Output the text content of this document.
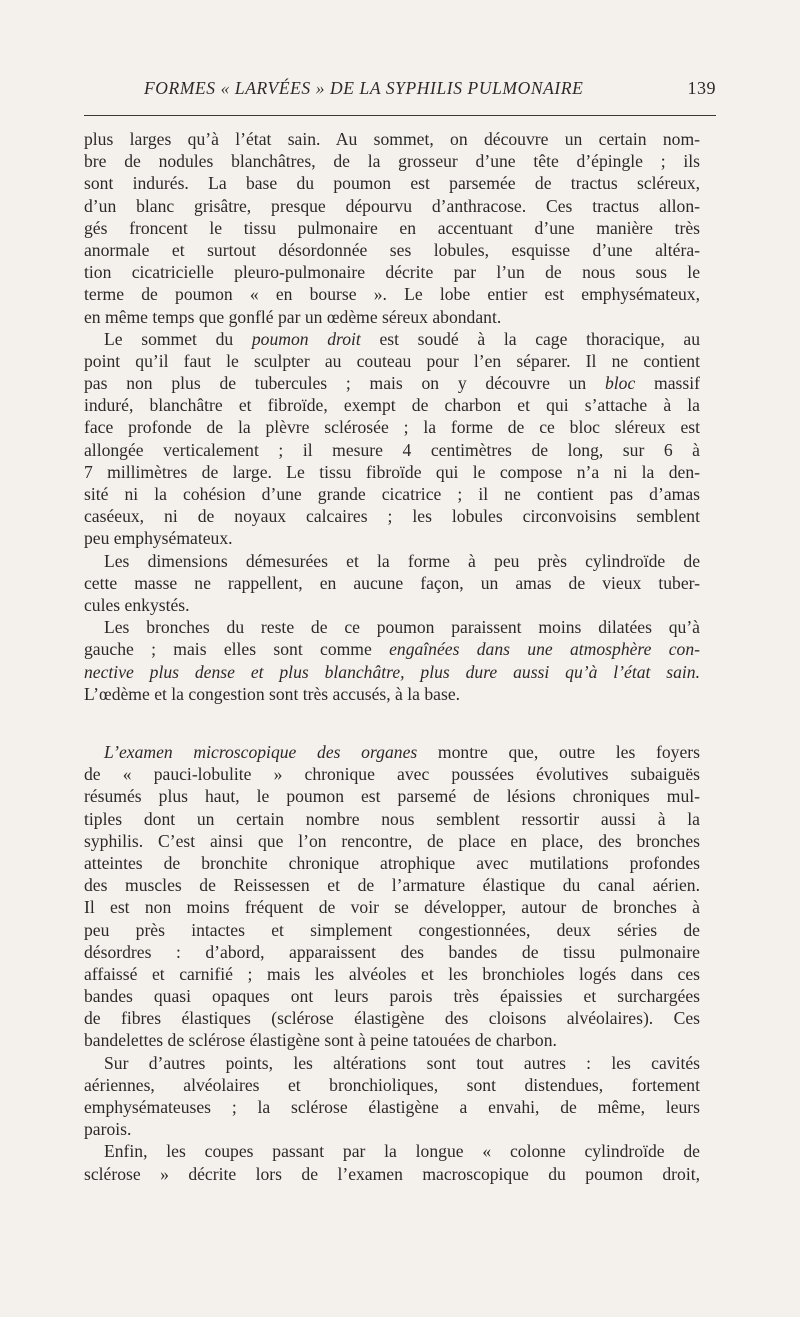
FORMES « LARVÉES » DE LA SYPHILIS PULMONAIRE	139
plus larges qu’à l’état sain. Au sommet, on découvre un certain nom-
bre de nodules blanchâtres, de la grosseur d’une tête d’épingle ; ils
sont indurés. La base du poumon est parsemée de tractus scléreux,
d’un blanc grisâtre, presque dépourvu d’anthracose. Ces tractus allon-
gés froncent le tissu pulmonaire en accentuant d’une manière très
anormale et surtout désordonnée ses lobules, esquisse d’une altéra-
tion cicatricielle pleuro-pulmonaire décrite par l’un de nous sous le
terme de poumon « en bourse ». Le lobe entier est emphysémateux,
en même temps que gonflé par un œdème séreux abondant.
Le sommet du poumon droit est soudé à la cage thoracique, au
point qu’il faut le sculpter au couteau pour l’en séparer. Il ne contient
pas non plus de tubercules ; mais on y découvre un bloc massif
induré, blanchâtre et fibroïde, exempt de charbon et qui s’attache à la
face profonde de la plèvre sclérosée ; la forme de ce bloc sléreux est
allongée verticalement ; il mesure 4 centimètres de long, sur 6 à
7 millimètres de large. Le tissu fibroïde qui le compose n’a ni la den-
sité ni la cohésion d’une grande cicatrice ; il ne contient pas d’amas
caséeux, ni de noyaux calcaires ; les lobules circonvoisins semblent
peu emphysémateux.
Les dimensions démesurées et la forme à peu près cylindroïde de
cette masse ne rappellent, en aucune façon, un amas de vieux tuber-
cules enkystés.
Les bronches du reste de ce poumon paraissent moins dilatées qu’à
gauche ; mais elles sont comme engaînées dans une atmosphère con-
nective plus dense et plus blanchâtre, plus dure aussi qu’à l’état sain.
L’œdème et la congestion sont très accusés, à la base.
L’examen microscopique des organes montre que, outre les foyers
de « pauci-lobulite » chronique avec poussées évolutives subaiguës
résumés plus haut, le poumon est parsemé de lésions chroniques mul-
tiples dont un certain nombre nous semblent ressortir aussi à la
syphilis. C’est ainsi que l’on rencontre, de place en place, des bronches
atteintes de bronchite chronique atrophique avec mutilations profondes
des muscles de Reissessen et de l’armature élastique du canal aérien.
Il est non moins fréquent de voir se développer, autour de bronches à
peu près intactes et simplement congestionnées, deux séries de
désordres : d’abord, apparaissent des bandes de tissu pulmonaire
affaissé et carnifié ; mais les alvéoles et les bronchioles logés dans ces
bandes quasi opaques ont leurs parois très épaissies et surchargées
de fibres élastiques (sclérose élastigène des cloisons alvéolaires). Ces
bandelettes de sclérose élastigène sont à peine tatouées de charbon.
Sur d’autres points, les altérations sont tout autres : les cavités
aériennes, alvéolaires et bronchioliques, sont distendues, fortement
emphysémateuses ; la sclérose élastigène a envahi, de même, leurs
parois.
Enfin, les coupes passant par la longue « colonne cylindroïde de
sclérose » décrite lors de l’examen macroscopique du poumon droit,
